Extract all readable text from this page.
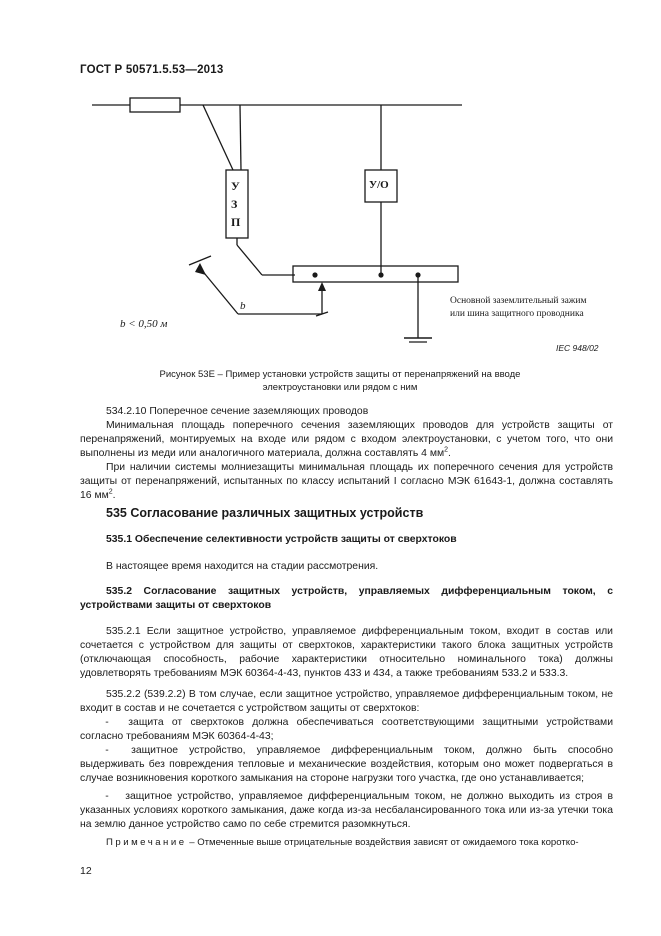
ГОСТ Р 50571.5.53—2013
У
З
П
У/О
b < 0,50 м
b	Основной заземлительный зажим
или шина защитного проводника
IEC 948/02
Рисунок 53Е – Пример установки устройств защиты от перенапряжений на вводе
электроустановки или рядом с ним
534.2.10 Поперечное сечение заземляющих проводов
Минимальная площадь поперечного сечения заземляющих проводов для устройств защиты от перенапряжений, монтируемых на входе или рядом с входом электроустановки, с учетом того, что они выполнены из меди или аналогичного материала, должна составлять 4 $мм^2$.
При наличии системы молниезащиты минимальная площадь их поперечного сечения для устройств защиты от перенапряжений, испытанных по классу испытаний I согласно МЭК 61643-1, должна составлять 16 $мм^2$.
535 Согласование различных защитных устройств
535.1 Обеспечение селективности устройств защиты от сверхтоков
В настоящее время находится на стадии рассмотрения.
535.2 Согласование защитных устройств, управляемых дифференциальным током, с устройствами защиты от сверхтоков
535.2.1 Если защитное устройство, управляемое дифференциальным током, входит в состав или сочетается с устройством для защиты от сверхтоков, характеристики такого блока защитных устройств (отключающая способность, рабочие характеристики относительно номинального тока) должны удовлетворять требованиям МЭК 60364-4-43, пунктов 433 и 434, а также требованиям 533.2 и 533.3.
535.2.2 (539.2.2) В том случае, если защитное устройство, управляемое дифференциальным током, не входит в состав и не сочетается с устройством защиты от сверхтоков:
- защита от сверхтоков должна обеспечиваться соответствующими защитными устройствами согласно требованиям МЭК 60364-4-43;
- защитное устройство, управляемое дифференциальным током, должно быть способно выдерживать без повреждения тепловые и механические воздействия, которым оно может подвергаться в случае возникновения короткого замыкания на стороне нагрузки того участка, где оно устанавливается;
- защитное устройство, управляемое дифференциальным током, не должно выходить из строя в указанных условиях короткого замыкания, даже когда из-за несбалансированного тока или из-за утечки тока на землю данное устройство само по себе стремится разомкнуться.
Примечание – Отмеченные выше отрицательные воздействия зависят от ожидаемого тока коротко-
12
